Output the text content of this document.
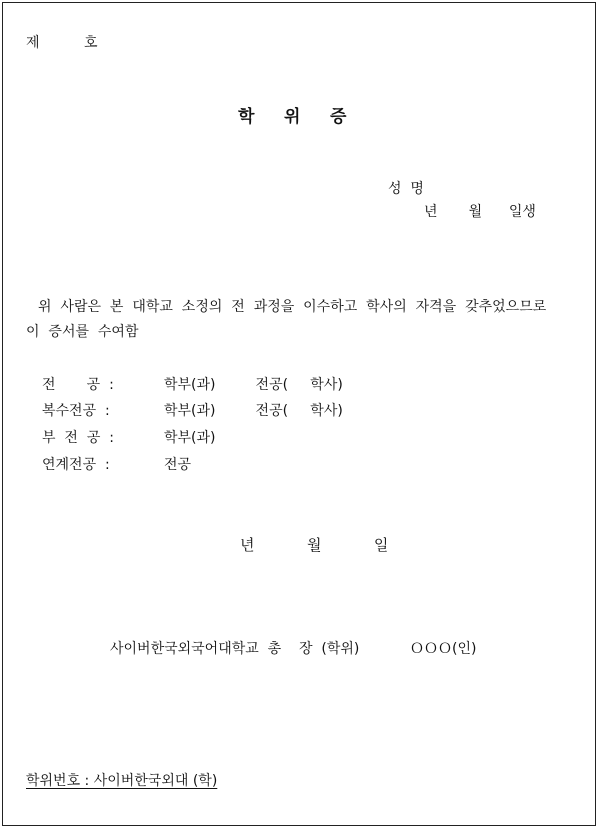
제          호
학     위     증
성  명
년       월      일생
위  사람은  본  대학교  소정의  전  과정을  이수하고  학사의  자격을  갖추었으므로
이  증서를  수여함
전       공  :	학부(과)         전공(     학사)
복수전공  :	학부(과)         전공(     학사)
부  전  공  :	학부(과)
연계전공  :	전공
년           월           일
사이버한국외국어대학교  총    장  (학위)	ＯＯＯ(인)
학위번호 : 사이버한국외대 (학)
